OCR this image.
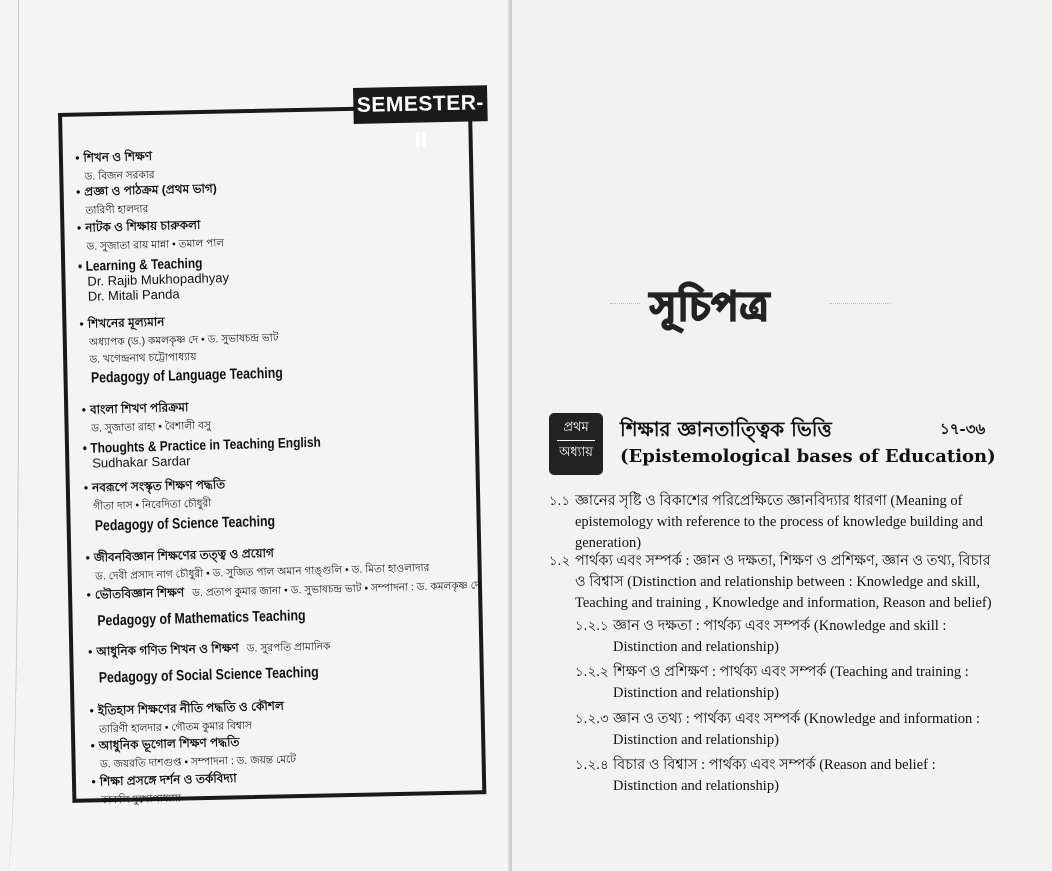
SEMESTER-II
• শিখন ও শিক্ষণ
ড. বিজন সরকার
• প্রজ্ঞা ও পাঠক্রম (প্রথম ভাগ)
তারিণী হালদার
• নাটক ও শিক্ষায় চারুকলা
ড. সুজাতা রায় মান্না • তমাল পাল
• Learning & Teaching
Dr. Rajib Mukhopadhyay
Dr. Mitali Panda
• শিখনের মূল্যমান
অধ্যাপক (ড.) কমলকৃষ্ণ দে • ড. সুভাষচন্দ্র ভাট
ড. খগেন্দ্রনাথ চট্টোপাধ্যায়
Pedagogy of Language Teaching
• বাংলা শিখণ পরিক্রমা
ড. সুজাতা রাহা • বৈশালী বসু
• Thoughts & Practice in Teaching English
Sudhakar Sardar
• নবরূপে সংস্কৃত শিক্ষণ পদ্ধতি
গীতা দাস • নিবেদিতা চৌধুরী
Pedagogy of Science Teaching
• জীবনবিজ্ঞান শিক্ষণের তত্ত্ব ও প্রয়োগ
ড. দেবী প্রসাদ নাগ চৌধুরী • ড. সুজিত পাল অমান গাঙ্গুলি • ড. মিতা হাওলাদার
• ভৌতবিজ্ঞান শিক্ষণ ড. প্রতাপ কুমার জানা • ড. সুভাষচন্দ্র ভাট • সম্পাদনা : ড. কমলকৃষ্ণ দে
Pedagogy of Mathematics Teaching
• আধুনিক গণিত শিখন ও শিক্ষণ ড. সুরপতি প্রামানিক
Pedagogy of Social Science Teaching
• ইতিহাস শিক্ষণের নীতি পদ্ধতি ও কৌশল
তারিণী হালদার • গৌতম কুমার বিশ্বাস
• আধুনিক ভূগোল শিক্ষণ পদ্ধতি
ড. জয়রতি দাশগুপ্ত • সম্পাদনা : ড. জয়ন্ত মেটে
• শিক্ষা প্রসঙ্গে দর্শন ও তর্কবিদ্যা
কাকলি মুখোপাধ্যায়
সূচিপত্র
প্রথম
অধ্যায়
শিক্ষার জ্ঞানতাত্ত্বিক ভিত্তি	১৭-৩৬
(Epistemological bases of Education)
১.১ জ্ঞানের সৃষ্টি ও বিকাশের পরিপ্রেক্ষিতে জ্ঞানবিদ্যার ধারণা (Meaning of epistemology with reference to the process of knowledge building and generation)
১.২ পার্থক্য এবং সম্পর্ক : জ্ঞান ও দক্ষতা, শিক্ষণ ও প্রশিক্ষণ, জ্ঞান ও তথ্য, বিচার ও বিশ্বাস (Distinction and relationship between : Knowledge and skill, Teaching and training , Knowledge and information, Reason and belief)
১.২.১ জ্ঞান ও দক্ষতা : পার্থক্য এবং সম্পর্ক (Knowledge and skill : Distinction and relationship)
১.২.২ শিক্ষণ ও প্রশিক্ষণ : পার্থক্য এবং সম্পর্ক (Teaching and training : Distinction and relationship)
১.২.৩ জ্ঞান ও তথ্য : পার্থক্য এবং সম্পর্ক (Knowledge and information : Distinction and relationship)
১.২.৪ বিচার ও বিশ্বাস : পার্থক্য এবং সম্পর্ক (Reason and belief : Distinction and relationship)
